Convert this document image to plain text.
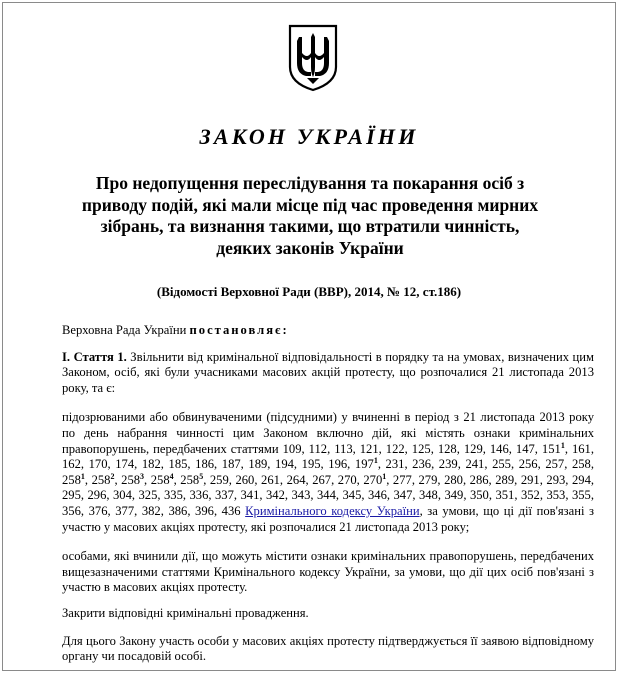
ЗАКОН УКРАЇНИ
Про недопущення переслідування та покарання осіб з приводу подій, які мали місце під час проведення мирних зібрань, та визнання такими, що втратили чинність, деяких законів України
(Відомості Верховної Ради (ВВР), 2014, № 12, ст.186)

Верховна Рада України постановляє:

І. Стаття 1. Звільнити від кримінальної відповідальності в порядку та на умовах, визначених цим Законом, осіб, які були учасниками масових акцій протесту, що розпочалися 21 листопада 2013 року, та є:

підозрюваними або обвинуваченими (підсудними) у вчиненні в період з 21 листопада 2013 року по день набрання чинності цим Законом включно дій, які містять ознаки кримінальних правопорушень, передбачених статтями 109, 112, 113, 121, 122, 125, 128, 129, 146, 147, $151^1$, 161, 162, 170, 174, 182, 185, 186, 187, 189, 194, 195, 196, $197^1$, 231, 236, 239, 241, 255, 256, 257, 258, $258^1$, $258^2$, $258^3$, $258^4$, $258^5$, 259, 260, 261, 264, 267, 270, $270^1$, 277, 279, 280, 286, 289, 291, 293, 294, 295, 296, 304, 325, 335, 336, 337, 341, 342, 343, 344, 345, 346, 347, 348, 349, 350, 351, 352, 353, 355, 356, 376, 377, 382, 386, 396, 436 Кримінального кодексу України, за умови, що ці дії пов'язані з участю у масових акціях протесту, які розпочалися 21 листопада 2013 року;

особами, які вчинили дії, що можуть містити ознаки кримінальних правопорушень, передбачених вищезазначеними статтями Кримінального кодексу України, за умови, що дії цих осіб пов'язані з участю в масових акціях протесту.

Закрити відповідні кримінальні провадження.

Для цього Закону участь особи у масових акціях протесту підтверджується її заявою відповідному органу чи посадовій особі.
